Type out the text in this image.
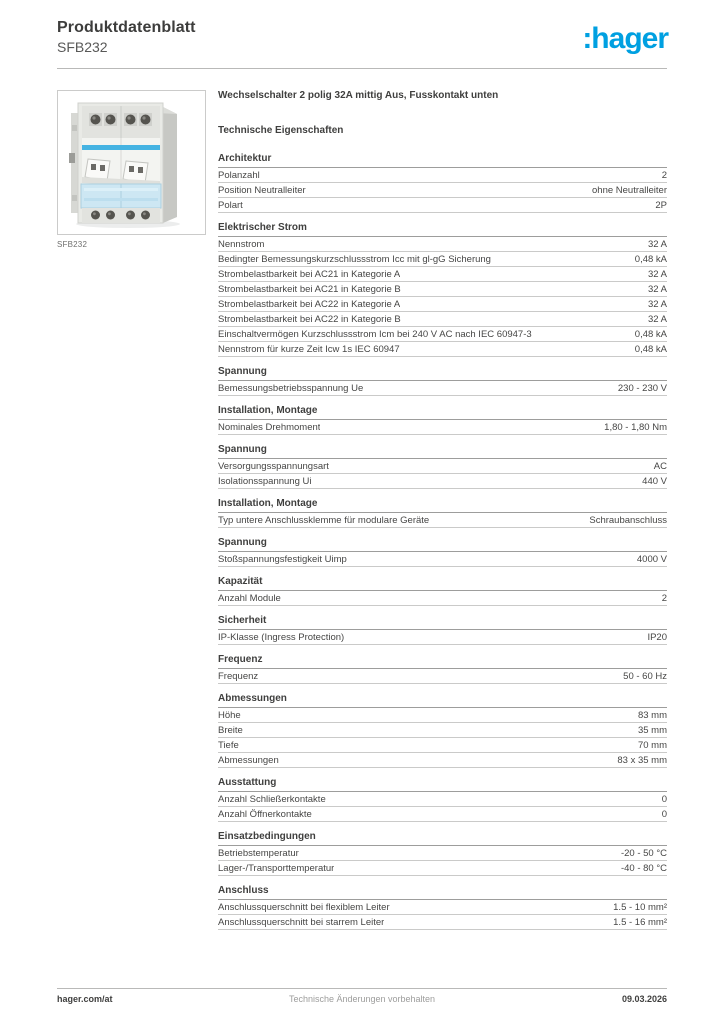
Produktdatenblatt
SFB232	:hager
SFB232
Wechselschalter 2 polig 32A mittig Aus, Fusskontakt unten
Technische Eigenschaften
Architektur
Polanzahl	2
Position Neutralleiter	ohne Neutralleiter
Polart	2P
Elektrischer Strom
Nennstrom	32 A
Bedingter Bemessungskurzschlussstrom Icc mit gl-gG Sicherung	0,48 kA
Strombelastbarkeit bei AC21 in Kategorie A	32 A
Strombelastbarkeit bei AC21 in Kategorie B	32 A
Strombelastbarkeit bei AC22 in Kategorie A	32 A
Strombelastbarkeit bei AC22 in Kategorie B	32 A
Einschaltvermögen Kurzschlussstrom Icm bei 240 V AC nach IEC 60947-3	0,48 kA
Nennstrom für kurze Zeit Icw 1s IEC 60947	0,48 kA
Spannung
Bemessungsbetriebsspannung Ue	230 - 230 V
Installation, Montage
Nominales Drehmoment	1,80 - 1,80 Nm
Spannung
Versorgungsspannungsart	AC
Isolationsspannung Ui	440 V
Installation, Montage
Typ untere Anschlussklemme für modulare Geräte	Schraubanschluss
Spannung
Stoßspannungsfestigkeit Uimp	4000 V
Kapazität
Anzahl Module	2
Sicherheit
IP-Klasse (Ingress Protection)	IP20
Frequenz
Frequenz	50 - 60 Hz
Abmessungen
Höhe	83 mm
Breite	35 mm
Tiefe	70 mm
Abmessungen	83 x 35 mm
Ausstattung
Anzahl Schließerkontakte	0
Anzahl Öffnerkontakte	0
Einsatzbedingungen
Betriebstemperatur	-20 - 50 °C
Lager-/Transporttemperatur	-40 - 80 °C
Anschluss
Anschlussquerschnitt bei flexiblem Leiter	1.5 - 10 mm²
Anschlussquerschnitt bei starrem Leiter	1.5 - 16 mm²
hager.com/at	Technische Änderungen vorbehalten	09.03.2026
